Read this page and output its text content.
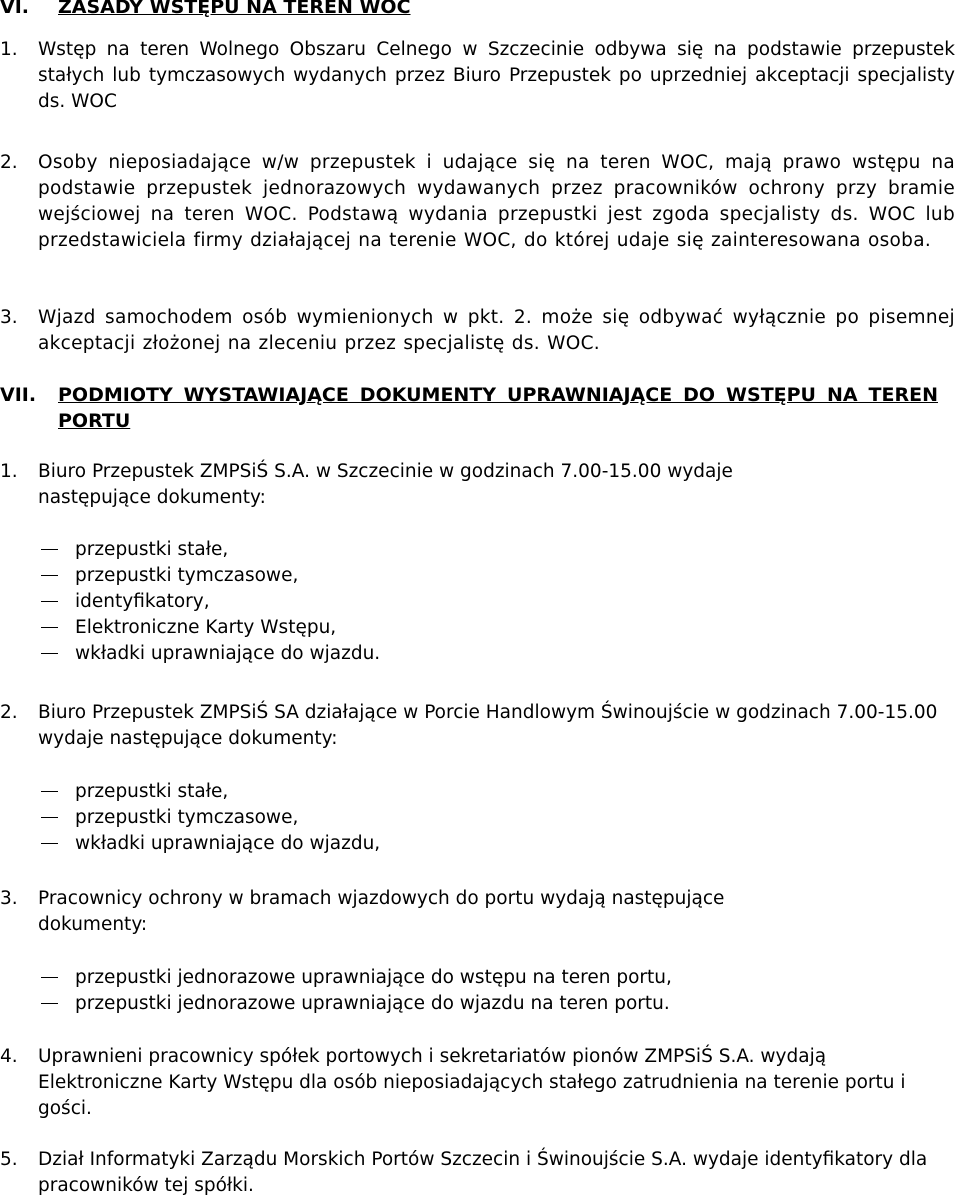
VI. ZASADY WSTĘPU NA TEREN WOC
1. Wstęp na teren Wolnego Obszaru Celnego w Szczecinie odbywa się na podstawie przepustek stałych lub tymczasowych wydanych przez Biuro Przepustek po uprzedniej akceptacji specjalisty ds. WOC
2. Osoby nieposiadające w/w przepustek i udające się na teren WOC, mają prawo wstępu na podstawie przepustek jednorazowych wydawanych przez pracowników ochrony przy bramie wejściowej na teren WOC. Podstawą wydania przepustki jest zgoda specjalisty ds. WOC lub przedstawiciela firmy działającej na terenie WOC, do której udaje się zainteresowana osoba.
3. Wjazd samochodem osób wymienionych w pkt. 2. może się odbywać wyłącznie po pisemnej akceptacji złożonej na zleceniu przez specjalistę ds. WOC.
VII. PODMIOTY WYSTAWIAJĄCE DOKUMENTY UPRAWNIAJĄCE DO WSTĘPU NA TEREN PORTU
1. Biuro Przepustek ZMPSiŚ S.A. w Szczecinie w godzinach 7.00-15.00 wydaje następujące dokumenty:
przepustki stałe,
przepustki tymczasowe,
identyfikatory,
Elektroniczne Karty Wstępu,
wkładki uprawniające do wjazdu.
2. Biuro Przepustek ZMPSiŚ SA działające w Porcie Handlowym Świnoujście w godzinach 7.00-15.00 wydaje następujące dokumenty:
przepustki stałe,
przepustki tymczasowe,
wkładki uprawniające do wjazdu,
3. Pracownicy ochrony w bramach wjazdowych do portu wydają następujące dokumenty:
przepustki jednorazowe uprawniające do wstępu na teren portu,
przepustki jednorazowe uprawniające do wjazdu na teren portu.
4. Uprawnieni pracownicy spółek portowych i sekretariatów pionów ZMPSiŚ S.A. wydają Elektroniczne Karty Wstępu dla osób nieposiadających stałego zatrudnienia na terenie portu i gości.
5. Dział Informatyki Zarządu Morskich Portów Szczecin i Świnoujście S.A. wydaje identyfikatory dla pracowników tej spółki.
